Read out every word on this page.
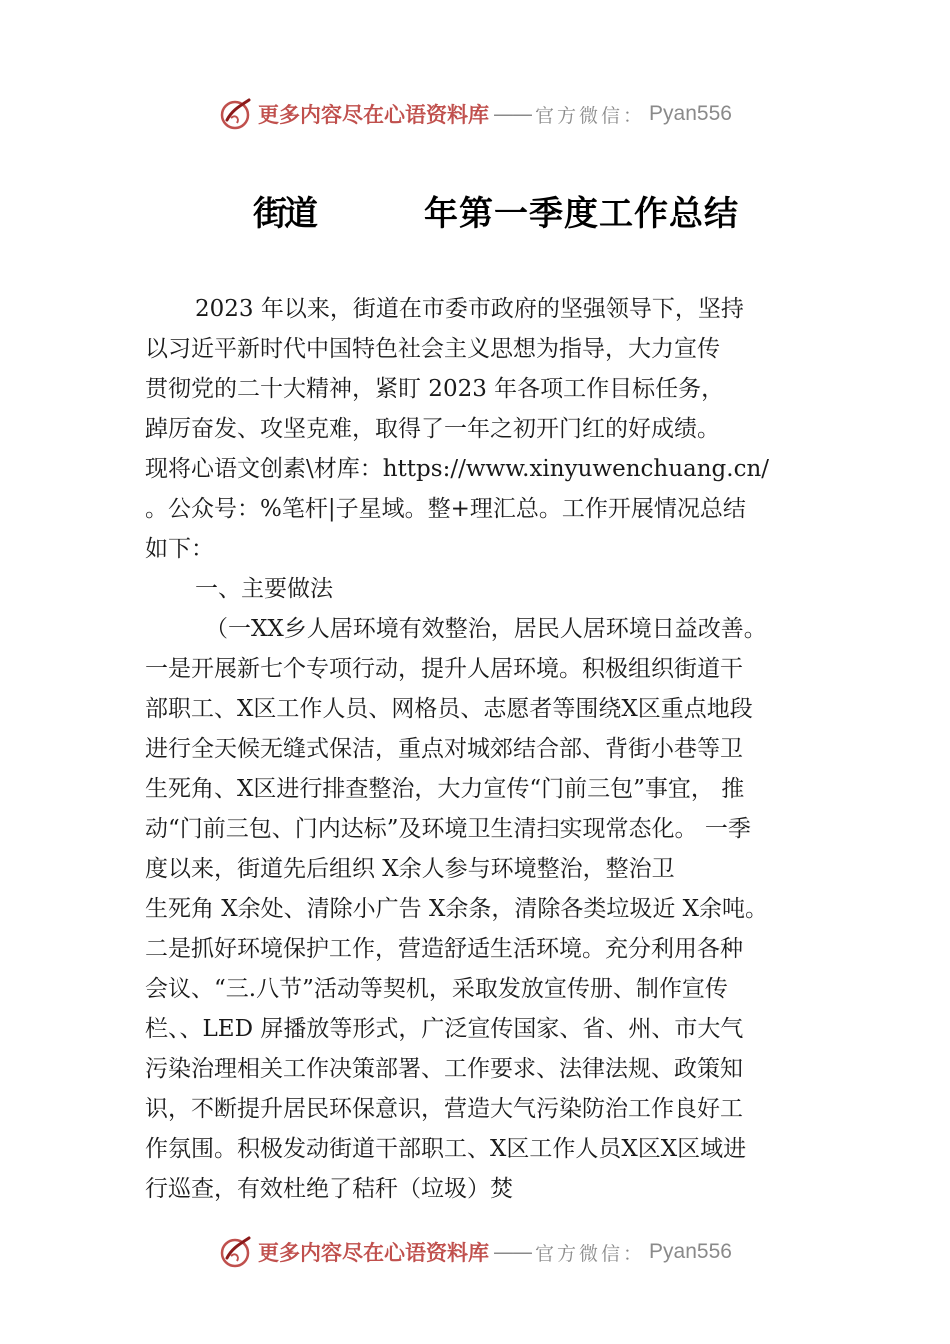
更多内容尽在心语资料库 —— 官方微信： Pyan556
街道	年第一季度工作总结
2023 年以来，街道在市委市政府的坚强领导下，坚持
以习近平新时代中国特色社会主义思想为指导，大力宣传
贯彻党的二十大精神，紧盯 2023 年各项工作目标任务，
踔厉奋发、攻坚克难，取得了一年之初开门红的好成绩。
现将心语文创素\材库：https://www.xinyuwenchuang.cn/
。公众号：%笔杆|子星域。整+理汇总。工作开展情况总结
如下：
一、主要做法
（一XX乡人居环境有效整治，居民人居环境日益改善。
一是开展新七个专项行动，提升人居环境。积极组织街道干
部职工、X区工作人员、网格员、志愿者等围绕X区重点地段
进行全天候无缝式保洁，重点对城郊结合部、背街小巷等卫
生死角、X区进行排查整治，大力宣传“门前三包”事宜， 推
动“门前三包、门内达标”及环境卫生清扫实现常态化。 一季
度以来，街道先后组织 X余人参与环境整治，整治卫
生死角 X余处、清除小广告 X余条，清除各类垃圾近 X余吨。
二是抓好环境保护工作，营造舒适生活环境。充分利用各种
会议、“三.八节”活动等契机，采取发放宣传册、制作宣传
栏、、LED 屏播放等形式，广泛宣传国家、省、州、市大气
污染治理相关工作决策部署、工作要求、法律法规、政策知
识，不断提升居民环保意识，营造大气污染防治工作良好工
作氛围。积极发动街道干部职工、X区工作人员X区X区域进
行巡查，有效杜绝了秸秆（垃圾）焚
更多内容尽在心语资料库 —— 官方微信： Pyan556
